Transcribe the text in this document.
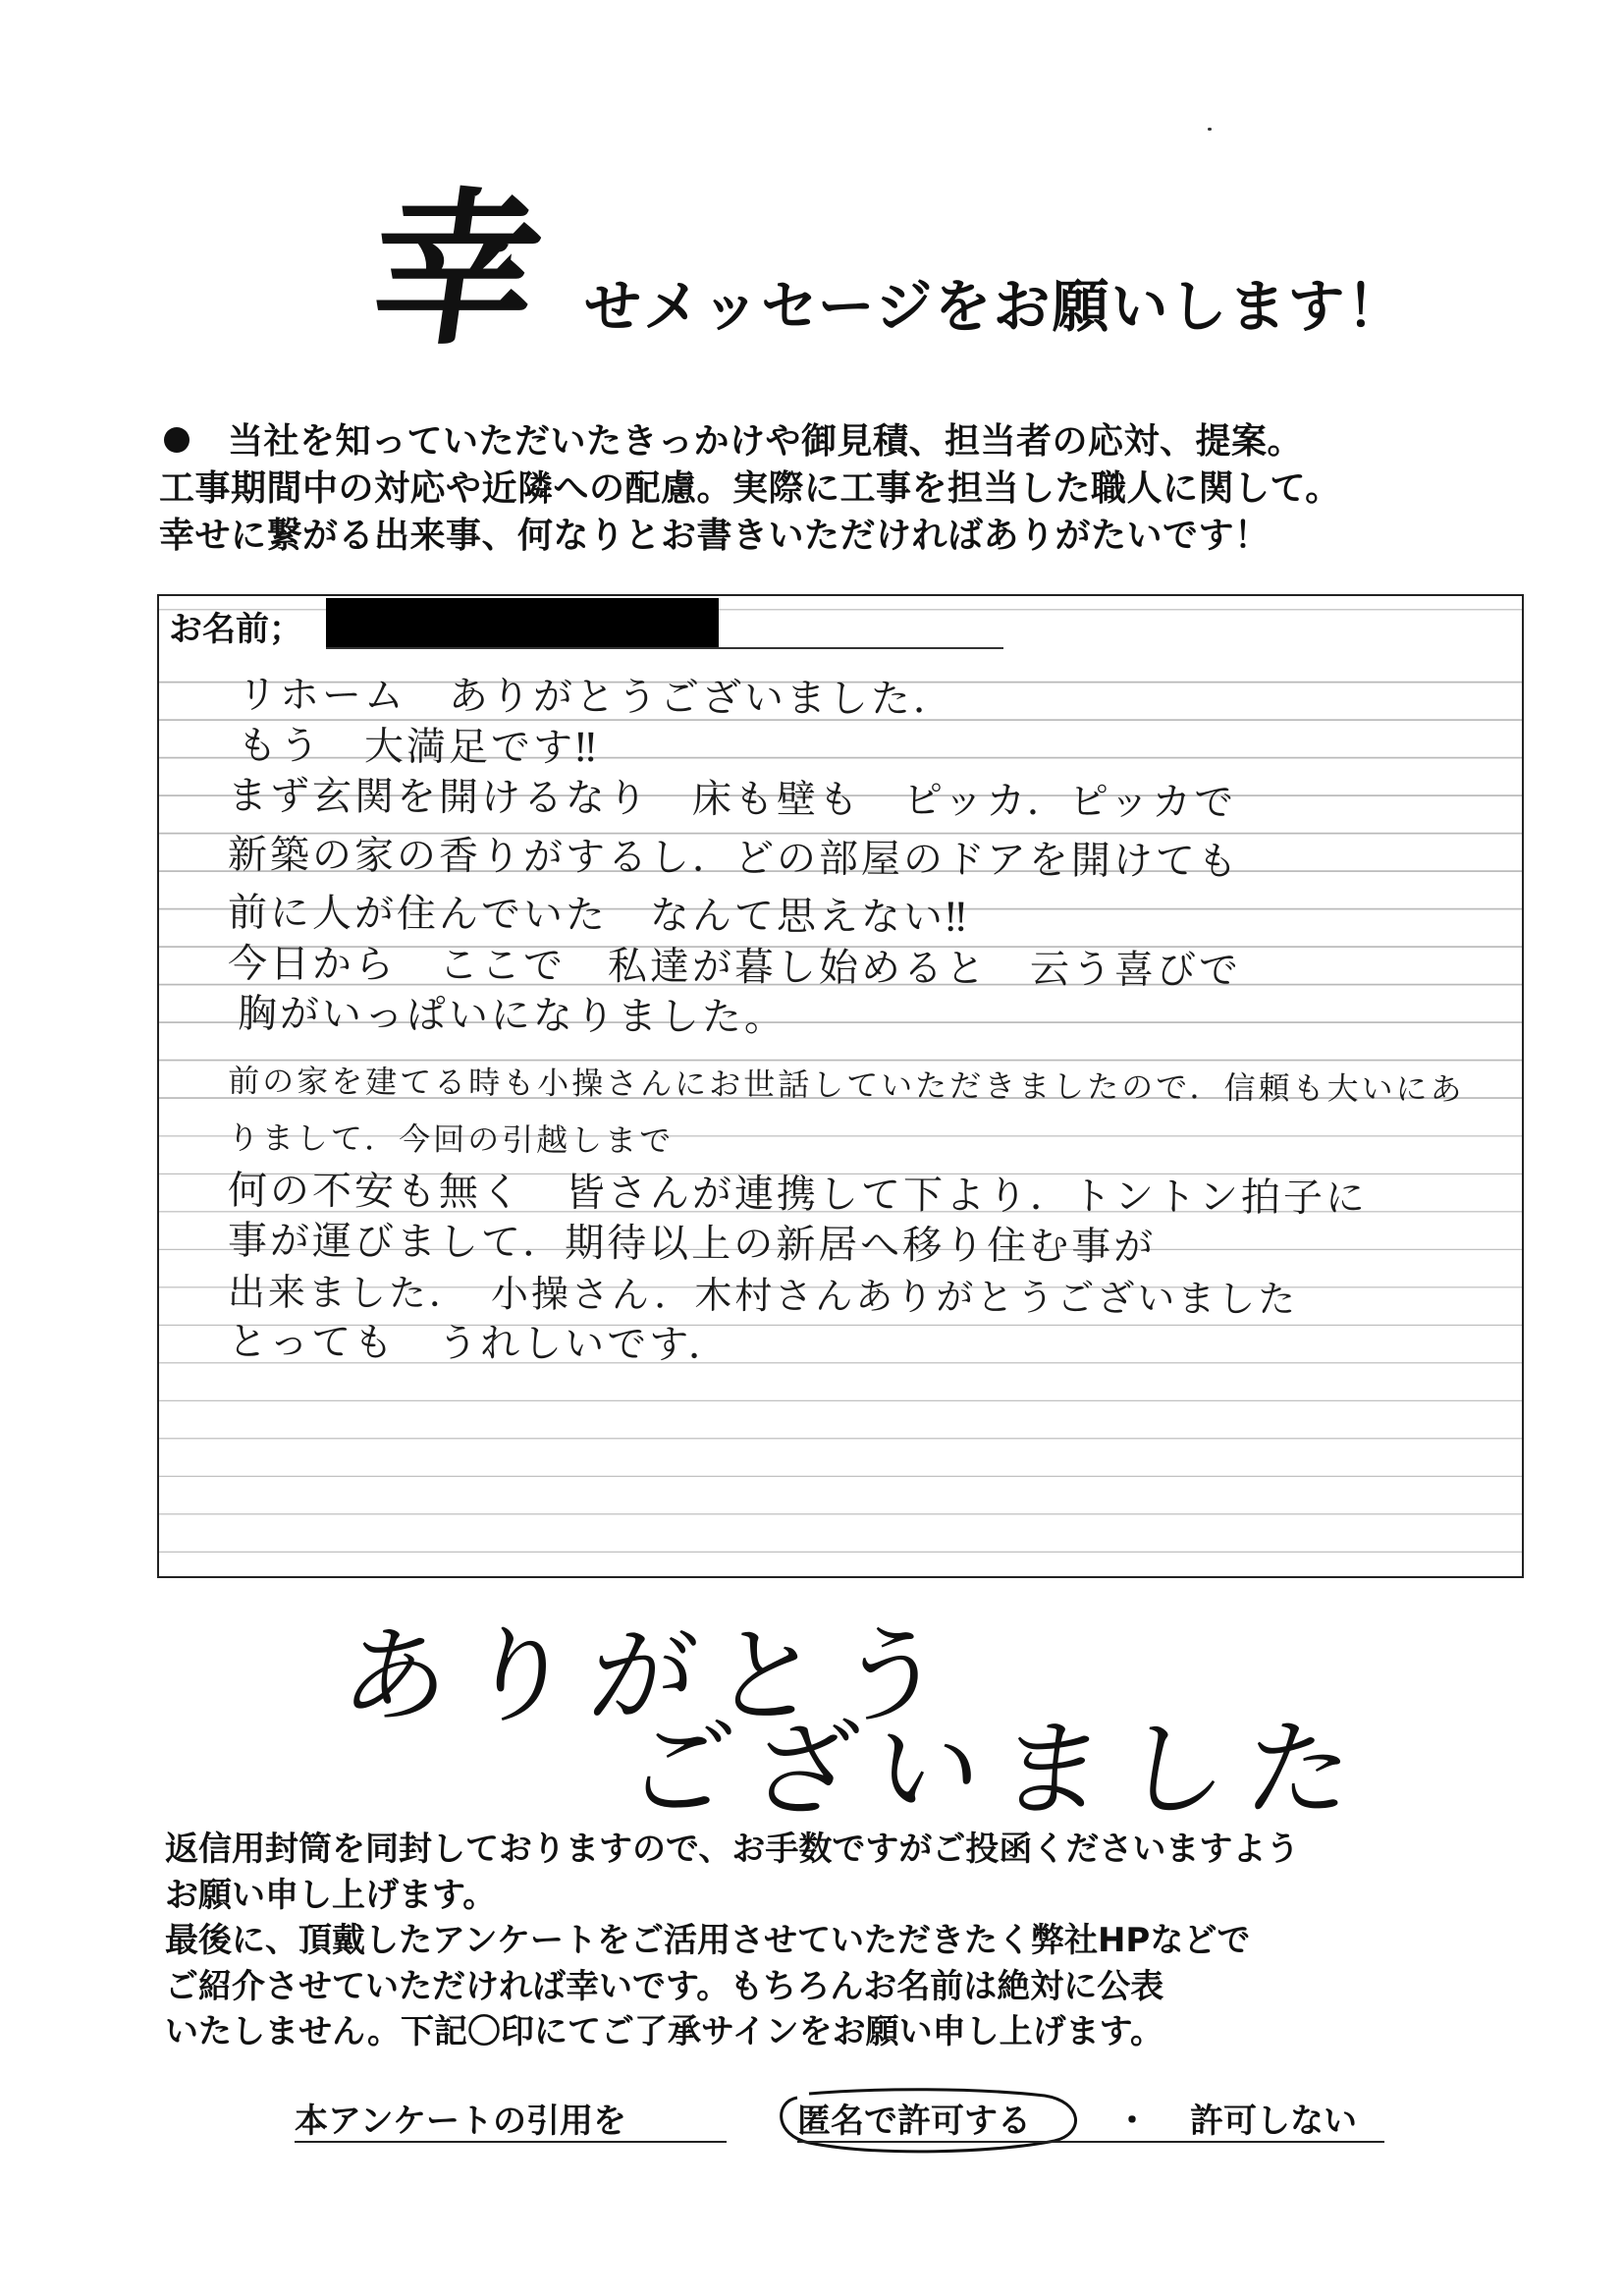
幸 せメッセージをお願いします！
当社を知っていただいたきっかけや御見積、担当者の応対、提案。
工事期間中の対応や近隣への配慮。実際に工事を担当した職人に関して。
幸せに繋がる出来事、何なりとお書きいただければありがたいです！
お名前；
リホーム　ありがとうございました．
もう　大満足です‼
まず玄関を開けるなり　床も壁も　ピッカ．ピッカで
新築の家の香りがするし．どの部屋のドアを開けても
前に人が住んでいた　なんて思えない‼
今日から　ここで　私達が暮し始めると　云う喜びで
胸がいっぱいになりました。
前の家を建てる時も小操さんにお世話していただきましたので．信頼も大いにありまして．今回の引越しまで
何の不安も無く　皆さんが連携して下より．トントン拍子に
事が運びまして．期待以上の新居へ移り住む事が
出来ました．　小操さん．木村さんありがとうございました
とっても　うれしいです．
ありがとう
ございました
返信用封筒を同封しておりますので、お手数ですがご投函くださいますよう
お願い申し上げます。
最後に、頂戴したアンケートをご活用させていただきたく弊社HPなどで
ご紹介させていただければ幸いです。もちろんお名前は絶対に公表
いたしません。下記〇印にてご了承サインをお願い申し上げます。
本アンケートの引用を	匿名で許可する	・ 許可しない
